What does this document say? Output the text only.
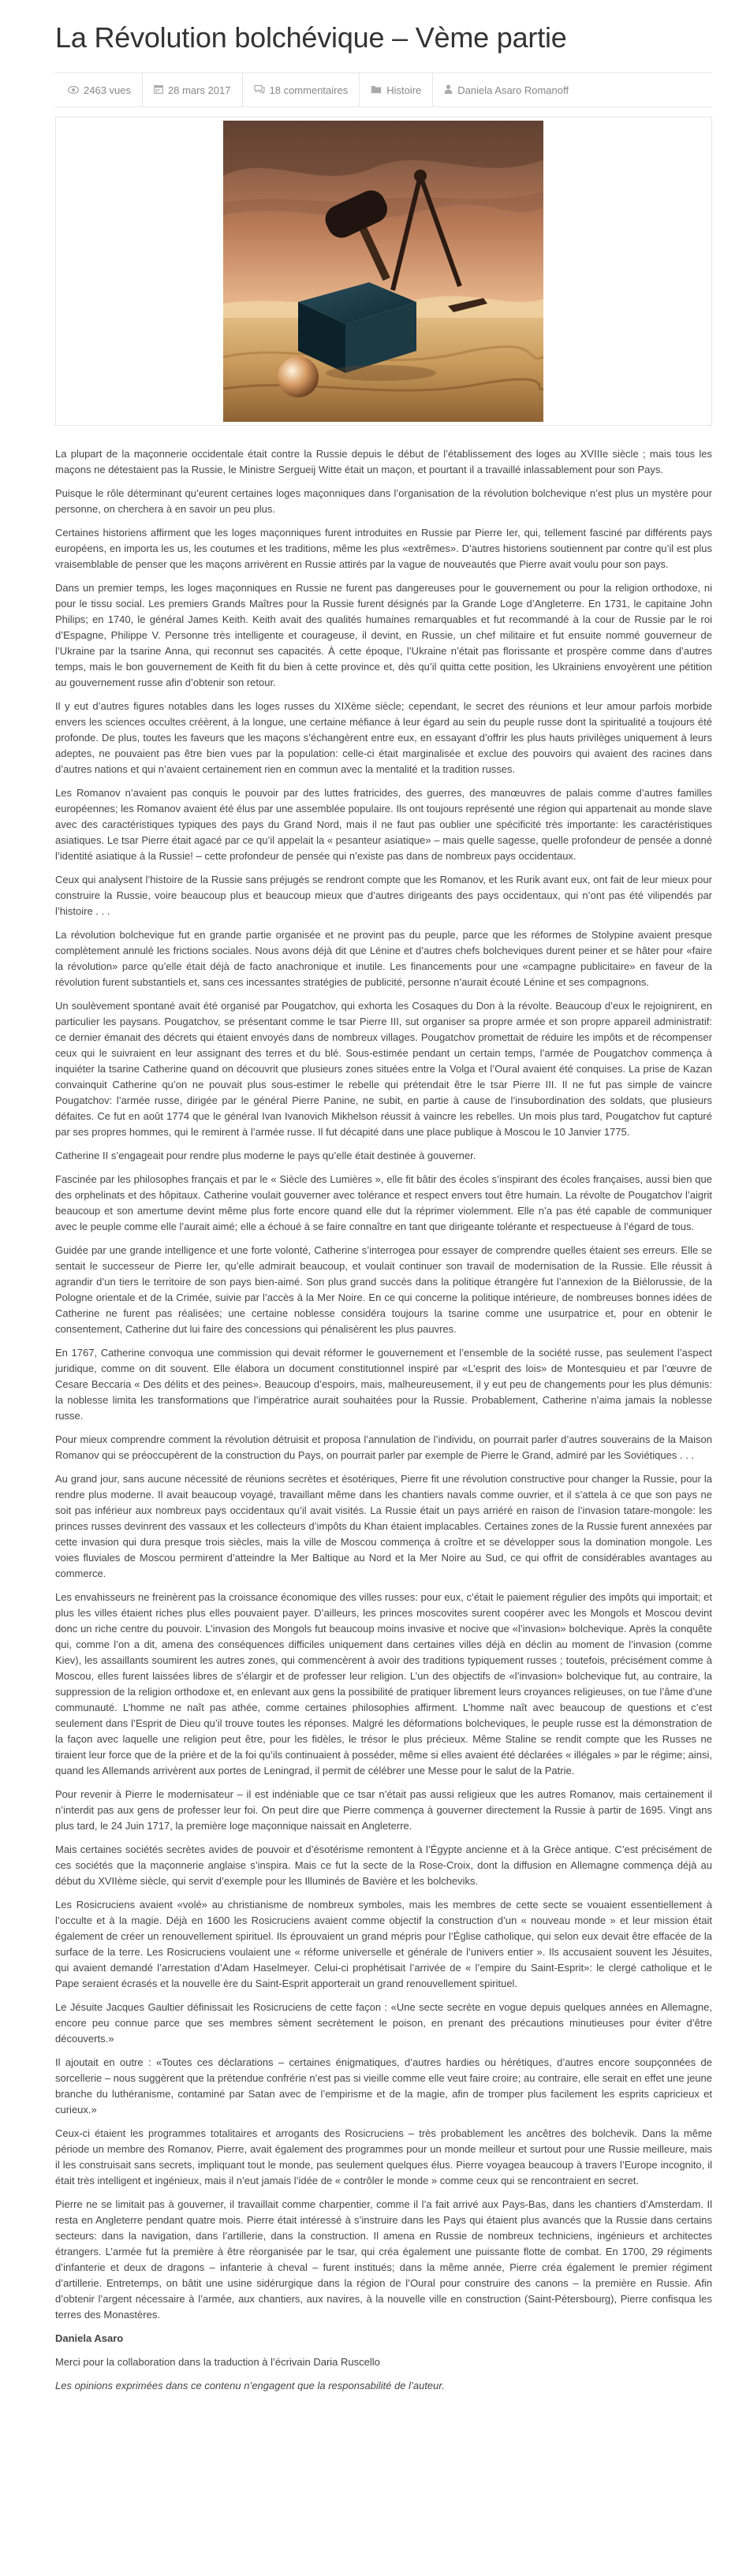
La Révolution bolchévique – Vème partie
2463 vues	28 mars 2017	18 commentaires	Histoire	Daniela Asaro Romanoff

La plupart de la maçonnerie occidentale était contre la Russie depuis le début de l’établissement des loges au XVIIIe siècle ; mais tous les maçons ne détestaient pas la Russie, le Ministre Sergueij Witte était un maçon, et pourtant il a travaillé inlassablement pour son Pays.

Puisque le rôle déterminant qu’eurent certaines loges maçonniques dans l’organisation de la révolution bolchevique n’est plus un mystère pour personne, on cherchera à en savoir un peu plus.

Certaines historiens affirment que les loges maçonniques furent introduites en Russie par Pierre Ier, qui, tellement fasciné par différents pays européens, en importa les us, les coutumes et les traditions, même les plus «extrêmes». D’autres historiens soutiennent par contre qu’il est plus vraisemblable de penser que les maçons arrivèrent en Russie attirés par la vague de nouveautés que Pierre avait voulu pour son pays.

Dans un premier temps, les loges maçonniques en Russie ne furent pas dangereuses pour le gouvernement ou pour la religion orthodoxe, ni pour le tissu social. Les premiers Grands Maîtres pour la Russie furent désignés par la Grande Loge d’Angleterre. En 1731, le capitaine John Philips; en 1740, le général James Keith. Keith avait des qualités humaines remarquables et fut recommandé à la cour de Russie par le roi d’Espagne, Philippe V. Personne très intelligente et courageuse, il devint, en Russie, un chef militaire et fut ensuite nommé gouverneur de l’Ukraine par la tsarine Anna, qui reconnut ses capacités. À cette époque, l’Ukraine n’était pas florissante et prospère comme dans d’autres temps, mais le bon gouvernement de Keith fit du bien à cette province et, dès qu’il quitta cette position, les Ukrainiens envoyèrent une pétition au gouvernement russe afin d’obtenir son retour.

Il y eut d’autres figures notables dans les loges russes du XIXème siècle; cependant, le secret des réunions et leur amour parfois morbide envers les sciences occultes créèrent, à la longue, une certaine méfiance à leur égard au sein du peuple russe dont la spiritualité a toujours été profonde. De plus, toutes les faveurs que les maçons s’échangèrent entre eux, en essayant d’offrir les plus hauts privilèges uniquement à leurs adeptes, ne pouvaient pas être bien vues par la population: celle-ci était marginalisée et exclue des pouvoirs qui avaient des racines dans d’autres nations et qui n’avaient certainement rien en commun avec la mentalité et la tradition russes.

Les Romanov n’avaient pas conquis le pouvoir par des luttes fratricides, des guerres, des manœuvres de palais comme d’autres familles européennes; les Romanov avaient été élus par une assemblée populaire. Ils ont toujours représenté une région qui appartenait au monde slave avec des caractéristiques typiques des pays du Grand Nord, mais il ne faut pas oublier une spécificité très importante: les caractéristiques asiatiques. Le tsar Pierre était agacé par ce qu’il appelait la « pesanteur asiatique» – mais quelle sagesse, quelle profondeur de pensée a donné l’identité asiatique à la Russie! – cette profondeur de pensée qui n’existe pas dans de nombreux pays occidentaux.

Ceux qui analysent l’histoire de la Russie sans préjugés se rendront compte que les Romanov, et les Rurik avant eux, ont fait de leur mieux pour construire la Russie, voire beaucoup plus et beaucoup mieux que d’autres dirigeants des pays occidentaux, qui n’ont pas été vilipendés par l’histoire . . .

La révolution bolchevique fut en grande partie organisée et ne provint pas du peuple, parce que les réformes de Stolypine avaient presque complètement annulé les frictions sociales. Nous avons déjà dit que Lénine et d’autres chefs bolcheviques durent peiner et se hâter pour «faire la révolution» parce qu’elle était déjà de facto anachronique et inutile. Les financements pour une «campagne publicitaire» en faveur de la révolution furent substantiels et, sans ces incessantes stratégies de publicité, personne n’aurait écouté Lénine et ses compagnons.

Un soulèvement spontané avait été organisé par Pougatchov, qui exhorta les Cosaques du Don à la révolte. Beaucoup d’eux le rejoignirent, en particulier les paysans. Pougatchov, se présentant comme le tsar Pierre III, sut organiser sa propre armée et son propre appareil administratif: ce dernier émanait des décrets qui étaient envoyés dans de nombreux villages. Pougatchov promettait de réduire les impôts et de récompenser ceux qui le suivraient en leur assignant des terres et du blé. Sous-estimée pendant un certain temps, l’armée de Pougatchov commença à inquiéter la tsarine Catherine quand on découvrit que plusieurs zones situées entre la Volga et l’Oural avaient été conquises. La prise de Kazan convainquit Catherine qu’on ne pouvait plus sous-estimer le rebelle qui prétendait être le tsar Pierre III. Il ne fut pas simple de vaincre Pougatchov: l’armée russe, dirigée par le général Pierre Panine, ne subit, en partie à cause de l’insubordination des soldats, que plusieurs défaites. Ce fut en août 1774 que le général Ivan Ivanovich Mikhelson réussit à vaincre les rebelles. Un mois plus tard, Pougatchov fut capturé par ses propres hommes, qui le remirent à l’armée russe. Il fut décapité dans une place publique à Moscou le 10 Janvier 1775.

Catherine II s’engageait pour rendre plus moderne le pays qu’elle était destinée à gouverner.

Fascinée par les philosophes français et par le « Siècle des Lumières », elle fit bâtir des écoles s’inspirant des écoles françaises, aussi bien que des orphelinats et des hôpitaux. Catherine voulait gouverner avec tolérance et respect envers tout être humain. La révolte de Pougatchov l’aigrit beaucoup et son amertume devint même plus forte encore quand elle dut la réprimer violemment. Elle n’a pas été capable de communiquer avec le peuple comme elle l’aurait aimé; elle a échoué à se faire connaître en tant que dirigeante tolérante et respectueuse à l’égard de tous.

Guidée par une grande intelligence et une forte volonté, Catherine s’interrogea pour essayer de comprendre quelles étaient ses erreurs. Elle se sentait le successeur de Pierre Ier, qu’elle admirait beaucoup, et voulait continuer son travail de modernisation de la Russie. Elle réussit à agrandir d’un tiers le territoire de son pays bien-aimé. Son plus grand succès dans la politique étrangère fut l’annexion de la Biélorussie, de la Pologne orientale et de la Crimée, suivie par l’accès à la Mer Noire. En ce qui concerne la politique intérieure, de nombreuses bonnes idées de Catherine ne furent pas réalisées; une certaine noblesse considéra toujours la tsarine comme une usurpatrice et, pour en obtenir le consentement, Catherine dut lui faire des concessions qui pénalisèrent les plus pauvres.

En 1767, Catherine convoqua une commission qui devait réformer le gouvernement et l’ensemble de la société russe, pas seulement l’aspect juridique, comme on dit souvent. Elle élabora un document constitutionnel inspiré par «L’esprit des lois» de Montesquieu et par l’œuvre de Cesare Beccaria « Des délits et des peines». Beaucoup d’espoirs, mais, malheureusement, il y eut peu de changements pour les plus démunis: la noblesse limita les transformations que l’impératrice aurait souhaitées pour la Russie. Probablement, Catherine n’aima jamais la noblesse russe.

Pour mieux comprendre comment la révolution détruisit et proposa l’annulation de l’individu, on pourrait parler d’autres souverains de la Maison Romanov qui se préoccupèrent de la construction du Pays, on pourrait parler par exemple de Pierre le Grand, admiré par les Soviétiques . . .

Au grand jour, sans aucune nécessité de réunions secrètes et ésotériques, Pierre fit une révolution constructive pour changer la Russie, pour la rendre plus moderne. Il avait beaucoup voyagé, travaillant même dans les chantiers navals comme ouvrier, et il s’attela à ce que son pays ne soit pas inférieur aux nombreux pays occidentaux qu’il avait visités. La Russie était un pays arriéré en raison de l’invasion tatare-mongole: les princes russes devinrent des vassaux et les collecteurs d’impôts du Khan étaient implacables. Certaines zones de la Russie furent annexées par cette invasion qui dura presque trois siècles, mais la ville de Moscou commença à croître et se développer sous la domination mongole. Les voies fluviales de Moscou permirent d’atteindre la Mer Baltique au Nord et la Mer Noire au Sud, ce qui offrit de considérables avantages au commerce.

Les envahisseurs ne freinèrent pas la croissance économique des villes russes: pour eux, c’était le paiement régulier des impôts qui importait; et plus les villes étaient riches plus elles pouvaient payer. D’ailleurs, les princes moscovites surent coopérer avec les Mongols et Moscou devint donc un riche centre du pouvoir. L’invasion des Mongols fut beaucoup moins invasive et nocive que «l’invasion» bolchevique. Après la conquête qui, comme l’on a dit, amena des conséquences difficiles uniquement dans certaines villes déjà en déclin au moment de l’invasion (comme Kiev), les assaillants soumirent les autres zones, qui commencèrent à avoir des traditions typiquement russes ; toutefois, précisément comme à Moscou, elles furent laissées libres de s’élargir et de professer leur religion. L’un des objectifs de «l’invasion» bolchevique fut, au contraire, la suppression de la religion orthodoxe et, en enlevant aux gens la possibilité de pratiquer librement leurs croyances religieuses, on tue l’âme d’une communauté. L’homme ne naît pas athée, comme certaines philosophies affirment. L’homme naît avec beaucoup de questions et c’est seulement dans l’Esprit de Dieu qu’il trouve toutes les réponses. Malgré les déformations bolcheviques, le peuple russe est la démonstration de la façon avec laquelle une religion peut être, pour les fidèles, le trésor le plus précieux. Même Staline se rendit compte que les Russes ne tiraient leur force que de la prière et de la foi qu’ils continuaient à posséder, même si elles avaient été déclarées « illégales » par le régime; ainsi, quand les Allemands arrivèrent aux portes de Leningrad, il permit de célébrer une Messe pour le salut de la Patrie.

Pour revenir à Pierre le modernisateur – il est indéniable que ce tsar n’était pas aussi religieux que les autres Romanov, mais certainement il n’interdit pas aux gens de professer leur foi. On peut dire que Pierre commença à gouverner directement la Russie à partir de 1695. Vingt ans plus tard, le 24 Juin 1717, la première loge maçonnique naissait en Angleterre.

Mais certaines sociétés secrètes avides de pouvoir et d’ésotérisme remontent à l’Égypte ancienne et à la Grèce antique. C’est précisément de ces sociétés que la maçonnerie anglaise s’inspira. Mais ce fut la secte de la Rose-Croix, dont la diffusion en Allemagne commença déjà au début du XVIIème siècle, qui servit d’exemple pour les Illuminés de Bavière et les bolcheviks.

Les Rosicruciens avaient «volé» au christianisme de nombreux symboles, mais les membres de cette secte se vouaient essentiellement à l’occulte et à la magie. Déjà en 1600 les Rosicruciens avaient comme objectif la construction d’un « nouveau monde » et leur mission était également de créer un renouvellement spirituel. Ils éprouvaient un grand mépris pour l’Église catholique, qui selon eux devait être effacée de la surface de la terre. Les Rosicruciens voulaient une « réforme universelle et générale de l’univers entier ». Ils accusaient souvent les Jésuites, qui avaient demandé l’arrestation d’Adam Haselmeyer. Celui-ci prophétisait l’arrivée de « l’empire du Saint-Esprit»: le clergé catholique et le Pape seraient écrasés et la nouvelle ère du Saint-Esprit apporterait un grand renouvellement spirituel.

Le Jésuite Jacques Gaultier définissait les Rosicruciens de cette façon : «Une secte secrète en vogue depuis quelques années en Allemagne, encore peu connue parce que ses membres sèment secrètement le poison, en prenant des précautions minutieuses pour éviter d’être découverts.»

Il ajoutait en outre : «Toutes ces déclarations – certaines énigmatiques, d’autres hardies ou hérétiques, d’autres encore soupçonnées de sorcellerie – nous suggèrent que la prétendue confrérie n’est pas si vieille comme elle veut faire croire; au contraire, elle serait en effet une jeune branche du luthéranisme, contaminé par Satan avec de l’empirisme et de la magie, afin de tromper plus facilement les esprits capricieux et curieux.»

Ceux-ci étaient les programmes totalitaires et arrogants des Rosicruciens – très probablement les ancêtres des bolchevik. Dans la même période un membre des Romanov, Pierre, avait également des programmes pour un monde meilleur et surtout pour une Russie meilleure, mais il les construisait sans secrets, impliquant tout le monde, pas seulement quelques élus. Pierre voyagea beaucoup à travers l’Europe incognito, il était très intelligent et ingénieux, mais il n’eut jamais l’idée de « contrôler le monde » comme ceux qui se rencontraient en secret.

Pierre ne se limitait pas à gouverner, il travaillait comme charpentier, comme il l’a fait arrivé aux Pays-Bas, dans les chantiers d’Amsterdam. Il resta en Angleterre pendant quatre mois. Pierre était intéressé à s’instruire dans les Pays qui étaient plus avancés que la Russie dans certains secteurs: dans la navigation, dans l’artillerie, dans la construction. Il amena en Russie de nombreux techniciens, ingénieurs et architectes étrangers. L’armée fut la première à être réorganisée par le tsar, qui créa également une puissante flotte de combat. En 1700, 29 régiments d’infanterie et deux de dragons – infanterie à cheval – furent institués; dans la même année, Pierre créa également le premier régiment d’artillerie. Entretemps, on bâtit une usine sidérurgique dans la région de l’Oural pour construire des canons – la première en Russie. Afin d’obtenir l’argent nécessaire à l’armée, aux chantiers, aux navires, à la nouvelle ville en construction (Saint-Pétersbourg), Pierre confisqua les terres des Monastères.

Daniela Asaro

Merci pour la collaboration dans la traduction à l’écrivain Daria Ruscello

Les opinions exprimées dans ce contenu n’engagent que la responsabilité de l’auteur.
